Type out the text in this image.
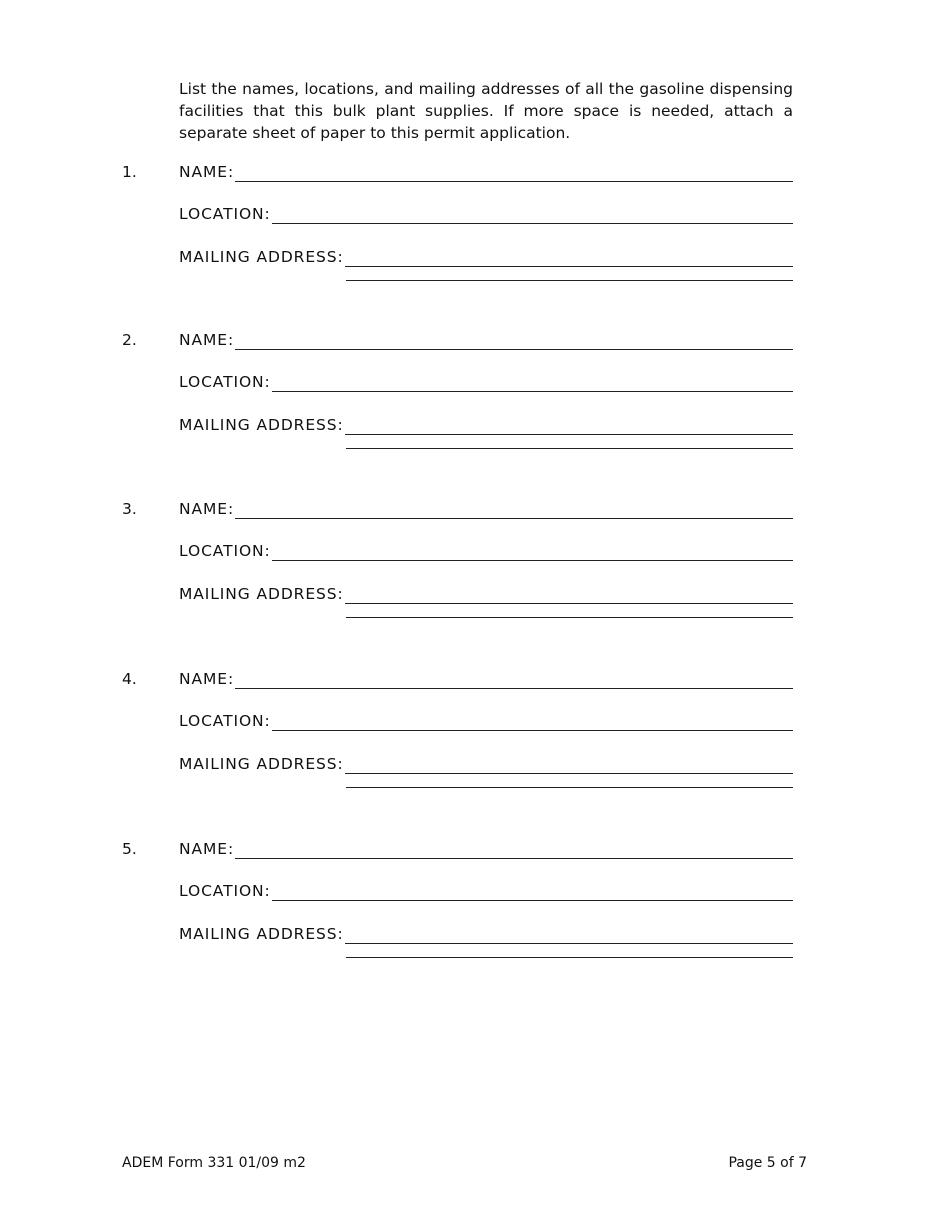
List the names, locations, and mailing addresses of all the gasoline dispensing facilities that this bulk plant supplies. If more space is needed, attach a separate sheet of paper to this permit application.

1.	NAME:
LOCATION:
MAILING ADDRESS:
2.	NAME:
LOCATION:
MAILING ADDRESS:
3.	NAME:
LOCATION:
MAILING ADDRESS:
4.	NAME:
LOCATION:
MAILING ADDRESS:
5.	NAME:
LOCATION:
MAILING ADDRESS:
ADEM Form 331 01/09 m2	Page 5 of 7
